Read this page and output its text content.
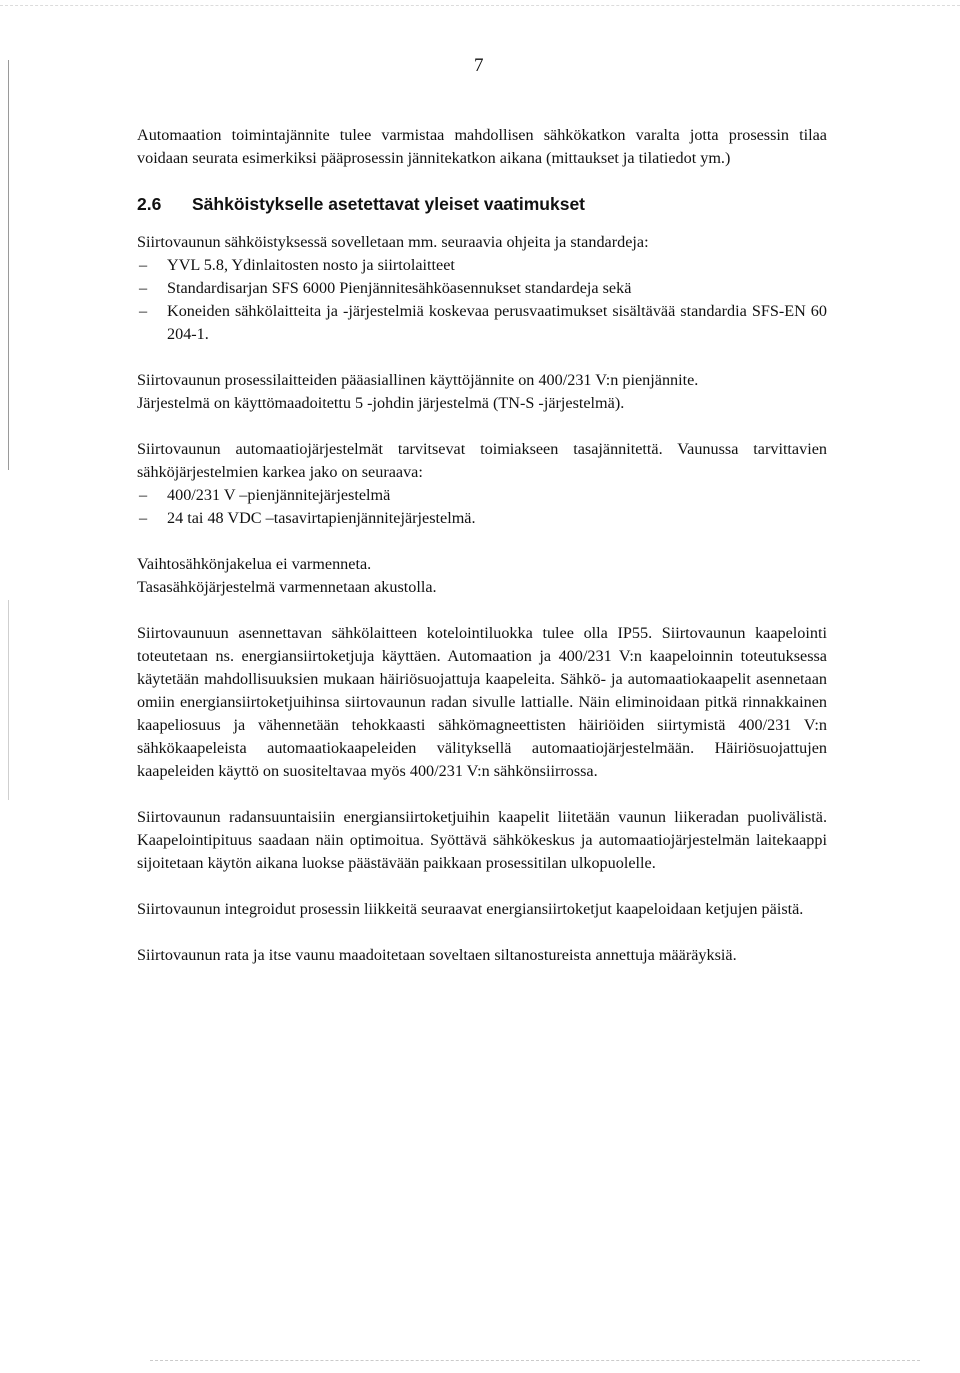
7

Automaation toimintajännite tulee varmistaa mahdollisen sähkökatkon varalta jotta prosessin tilaa voidaan seurata esimerkiksi pääprosessin jännitekatkon aikana (mittaukset ja tilatiedot ym.)

2.6 Sähköistykselle asetettavat yleiset vaatimukset
Siirtovaunun sähköistyksessä sovelletaan mm. seuraavia ohjeita ja standardeja:
– YVL 5.8, Ydinlaitosten nosto ja siirtolaitteet
– Standardisarjan SFS 6000 Pienjännitesähköasennukset standardeja sekä
– Koneiden sähkölaitteita ja -järjestelmiä koskevaa perusvaatimukset sisältävää standardia SFS-EN 60 204-1.

Siirtovaunun prosessilaitteiden pääasiallinen käyttöjännite on 400/231 V:n pienjännite.
Järjestelmä on käyttömaadoitettu 5 -johdin järjestelmä (TN-S -järjestelmä).

Siirtovaunun automaatiojärjestelmät tarvitsevat toimiakseen tasajännitettä. Vaunussa tarvittavien sähköjärjestelmien karkea jako on seuraava:
– 400/231 V –pienjännitejärjestelmä
– 24 tai 48 VDC –tasavirtapienjännitejärjestelmä.

Vaihtosähkönjakelua ei varmenneta.
Tasasähköjärjestelmä varmennetaan akustolla.

Siirtovaunuun asennettavan sähkölaitteen kotelointiluokka tulee olla IP55. Siirtovaunun kaapelointi toteutetaan ns. energiansiirtoketjuja käyttäen. Automaation ja 400/231 V:n kaapeloinnin toteutuksessa käytetään mahdollisuuksien mukaan häiriösuojattuja kaapeleita. Sähkö- ja automaatiokaapelit asennetaan omiin energiansiirtoketjuihinsa siirtovaunun radan sivulle lattialle. Näin eliminoidaan pitkä rinnakkainen kaapeliosuus ja vähennetään tehokkaasti sähkömagneettisten häiriöiden siirtymistä 400/231 V:n sähkökaapeleista automaatiokaapeleiden välityksellä automaatiojärjestelmään. Häiriösuojattujen kaapeleiden käyttö on suositeltavaa myös 400/231 V:n sähkönsiirrossa.

Siirtovaunun radansuuntaisiin energiansiirtoketjuihin kaapelit liitetään vaunun liikeradan puolivälistä. Kaapelointipituus saadaan näin optimoitua. Syöttävä sähkökeskus ja automaatiojärjestelmän laitekaappi sijoitetaan käytön aikana luokse päästävään paikkaan prosessitilan ulkopuolelle.

Siirtovaunun integroidut prosessin liikkeitä seuraavat energiansiirtoketjut kaapeloidaan ketjujen päistä.

Siirtovaunun rata ja itse vaunu maadoitetaan soveltaen siltanostureista annettuja määräyksiä.
